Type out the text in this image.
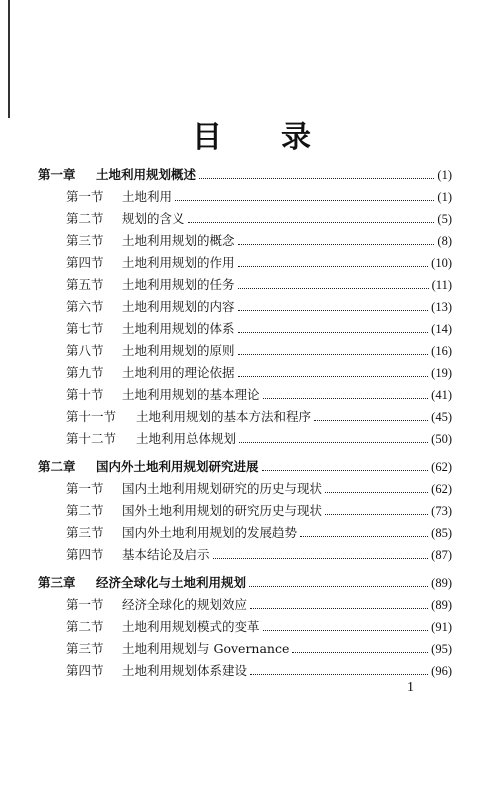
目 录
第一章	土地利用规划概述	(1)
第一节	土地利用	(1)
第二节	规划的含义	(5)
第三节	土地利用规划的概念	(8)
第四节	土地利用规划的作用	(10)
第五节	土地利用规划的任务	(11)
第六节	土地利用规划的内容	(13)
第七节	土地利用规划的体系	(14)
第八节	土地利用规划的原则	(16)
第九节	土地利用的理论依据	(19)
第十节	土地利用规划的基本理论	(41)
第十一节	土地利用规划的基本方法和程序	(45)
第十二节	土地利用总体规划	(50)
第二章	国内外土地利用规划研究进展	(62)
第一节	国内土地利用规划研究的历史与现状	(62)
第二节	国外土地利用规划的研究历史与现状	(73)
第三节	国内外土地利用规划的发展趋势	(85)
第四节	基本结论及启示	(87)
第三章	经济全球化与土地利用规划	(89)
第一节	经济全球化的规划效应	(89)
第二节	土地利用规划模式的变革	(91)
第三节	土地利用规划与 Governance	(95)
第四节	土地利用规划体系建设	(96)
1
